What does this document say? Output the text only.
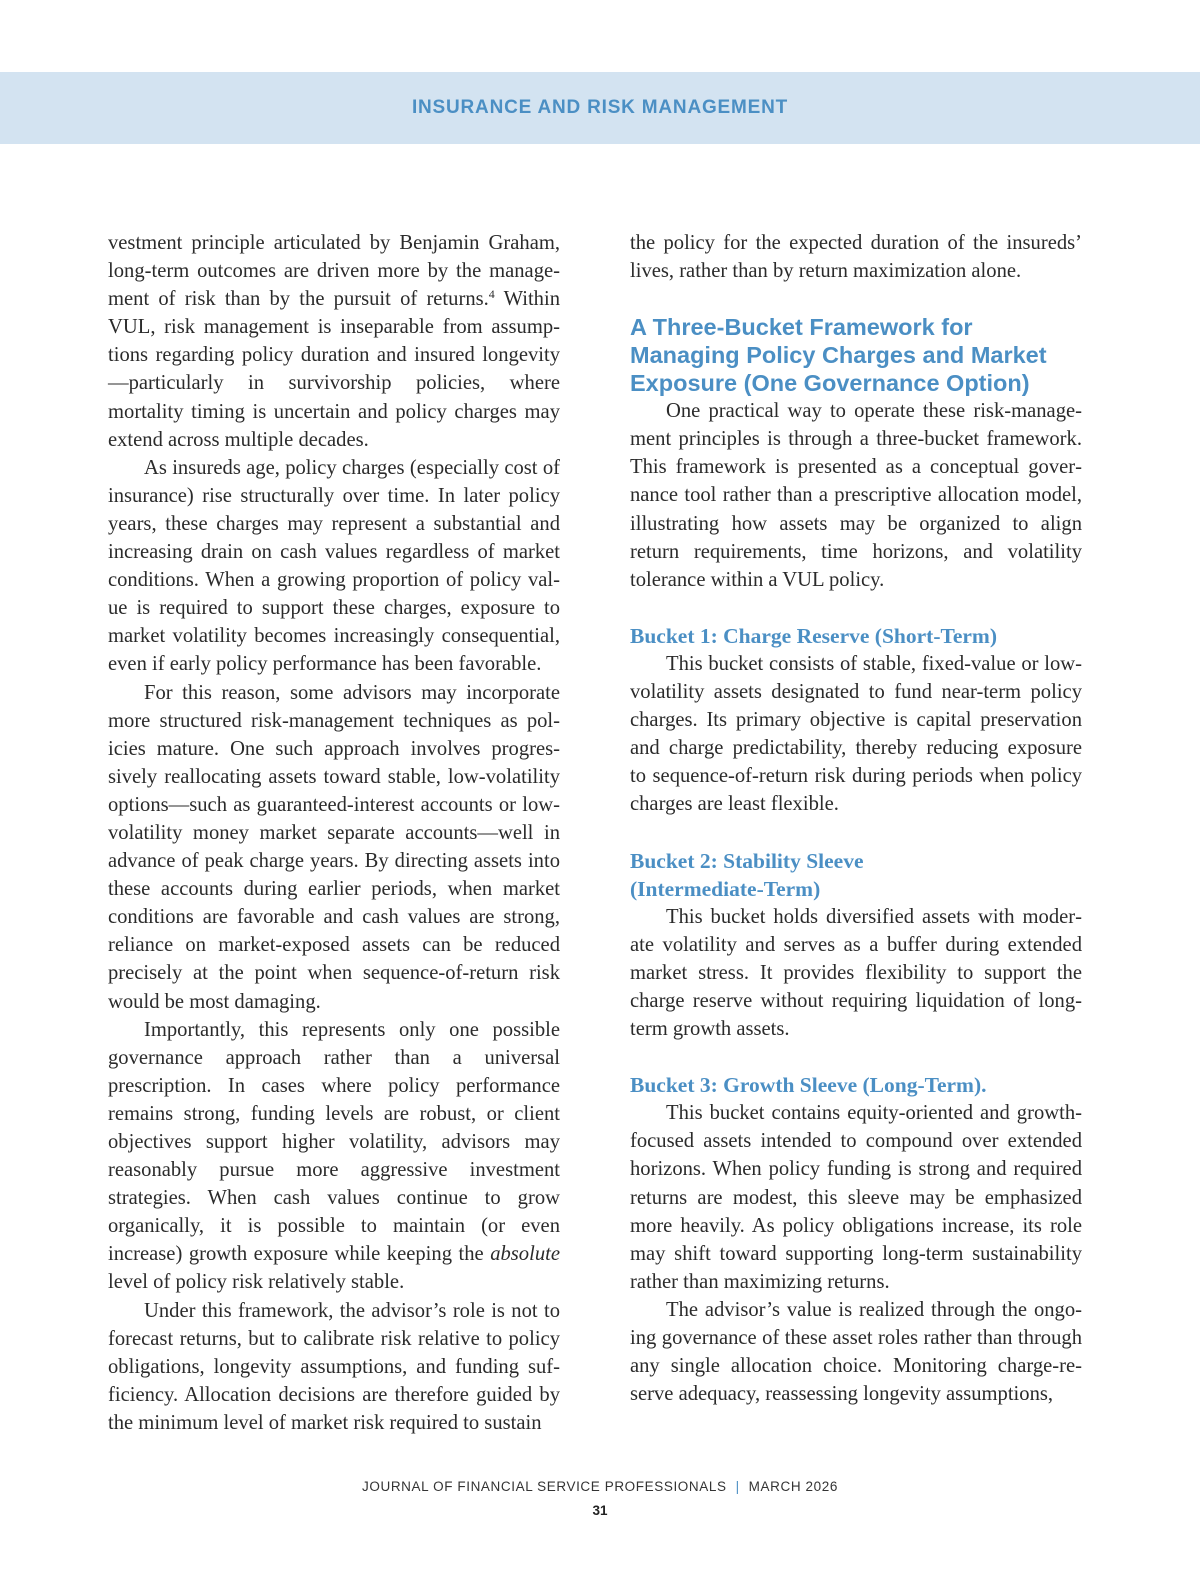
INSURANCE AND RISK MANAGEMENT

vestment principle articulated by Benjamin Graham, long-term outcomes are driven more by the management of risk than by the pursuit of returns.$^4$ Within VUL, risk management is inseparable from assumptions regarding policy duration and insured longevity—particularly in survivorship policies, where mortality timing is uncertain and policy charges may extend across multiple decades.

As insureds age, policy charges (especially cost of insurance) rise structurally over time. In later policy years, these charges may represent a substantial and increasing drain on cash values regardless of market conditions. When a growing proportion of policy value is required to support these charges, exposure to market volatility becomes increasingly consequential, even if early policy performance has been favorable.

For this reason, some advisors may incorporate more structured risk-management techniques as policies mature. One such approach involves progressively reallocating assets toward stable, low-volatility options—such as guaranteed-interest accounts or low-volatility money market separate accounts—well in advance of peak charge years. By directing assets into these accounts during earlier periods, when market conditions are favorable and cash values are strong, reliance on market-exposed assets can be reduced precisely at the point when sequence-of-return risk would be most damaging.

Importantly, this represents only one possible governance approach rather than a universal prescription. In cases where policy performance remains strong, funding levels are robust, or client objectives support higher volatility, advisors may reasonably pursue more aggressive investment strategies. When cash values continue to grow organically, it is possible to maintain (or even increase) growth exposure while keeping the absolute level of policy risk relatively stable.

Under this framework, the advisor’s role is not to forecast returns, but to calibrate risk relative to policy obligations, longevity assumptions, and funding sufficiency. Allocation decisions are therefore guided by the minimum level of market risk required to sustain

the policy for the expected duration of the insureds’ lives, rather than by return maximization alone.

A Three-Bucket Framework for Managing Policy Charges and Market Exposure (One Governance Option)

One practical way to operate these risk-management principles is through a three-bucket framework. This framework is presented as a conceptual governance tool rather than a prescriptive allocation model, illustrating how assets may be organized to align return requirements, time horizons, and volatility tolerance within a VUL policy.

Bucket 1: Charge Reserve (Short-Term)

This bucket consists of stable, fixed-value or low-volatility assets designated to fund near-term policy charges. Its primary objective is capital preservation and charge predictability, thereby reducing exposure to sequence-of-return risk during periods when policy charges are least flexible.

Bucket 2: Stability Sleeve
(Intermediate-Term)

This bucket holds diversified assets with moderate volatility and serves as a buffer during extended market stress. It provides flexibility to support the charge reserve without requiring liquidation of long-term growth assets.

Bucket 3: Growth Sleeve (Long-Term).

This bucket contains equity-oriented and growth-focused assets intended to compound over extended horizons. When policy funding is strong and required returns are modest, this sleeve may be emphasized more heavily. As policy obligations increase, its role may shift toward supporting long-term sustainability rather than maximizing returns.

The advisor’s value is realized through the ongoing governance of these asset roles rather than through any single allocation choice. Monitoring charge-reserve adequacy, reassessing longevity assumptions,

JOURNAL OF FINANCIAL SERVICE PROFESSIONALS | MARCH 2026
31
